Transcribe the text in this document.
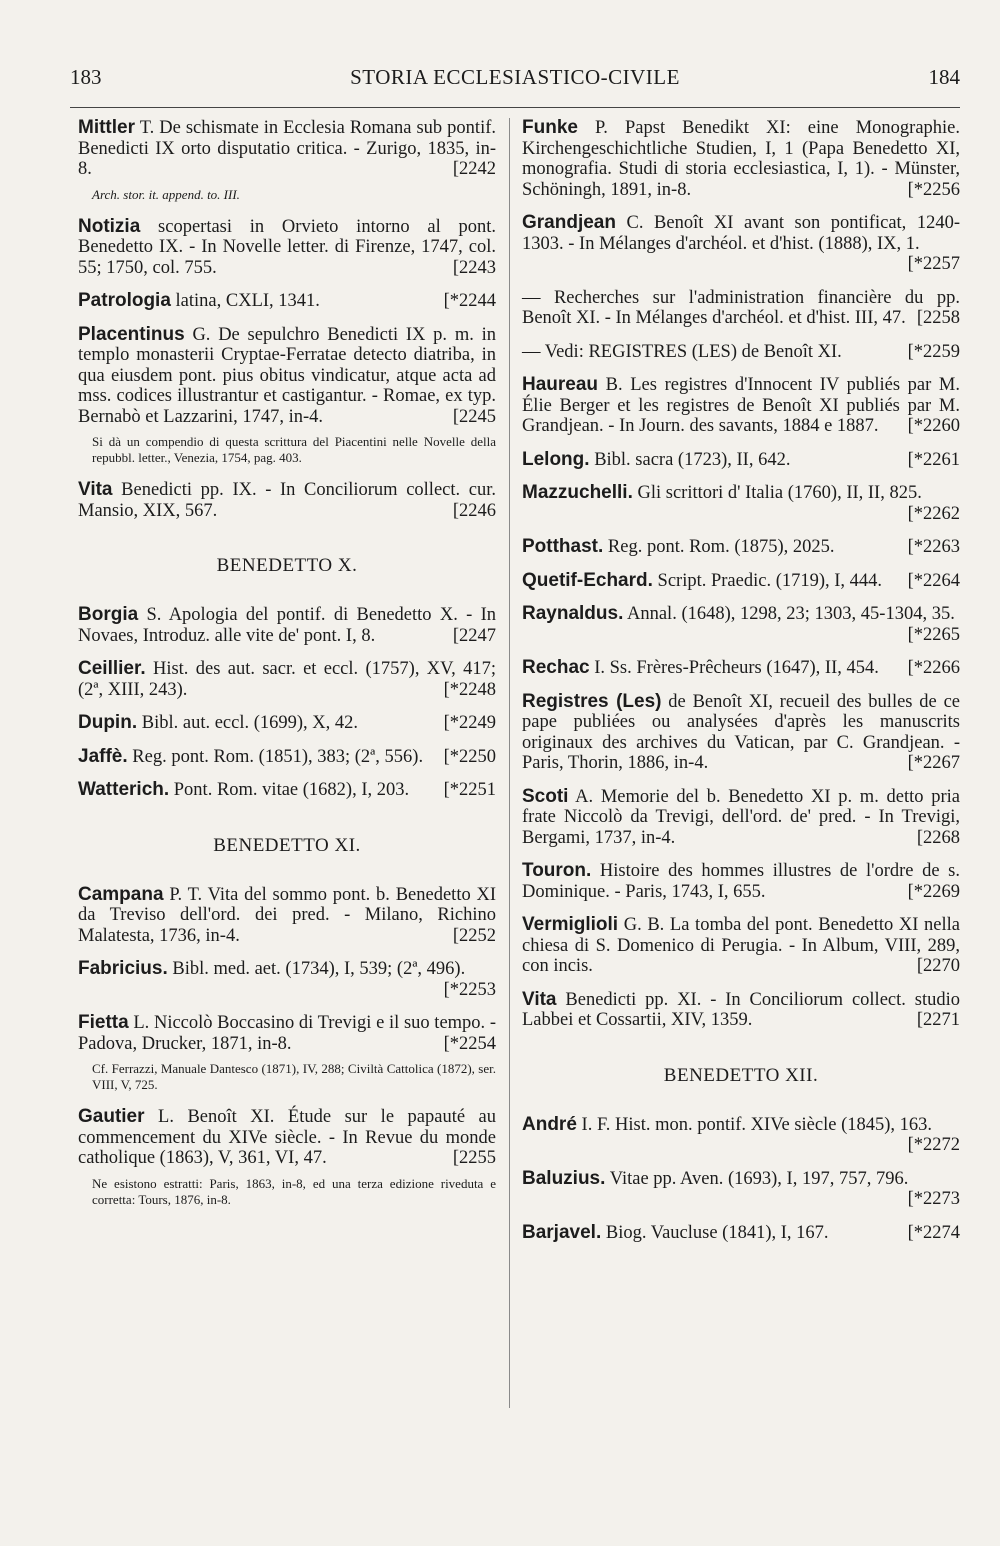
183	STORIA ECCLESIASTICO-CIVILE	184
Mittler T. De schismate in Ecclesia Romana sub pontif. Benedicti IX orto disputatio critica. - Zurigo, 1835, in-8.	[2242
Arch. stor. it. append. to. III.
Notizia scopertasi in Orvieto intorno al pont. Benedetto IX. - In Novelle letter. di Firenze, 1747, col. 55; 1750, col. 755.	[2243
Patrologia latina, CXLI, 1341.	[*2244
Placentinus G. De sepulchro Benedicti IX p. m. in templo monasterii Cryptae-Ferratae detecto diatriba, in qua eiusdem pont. pius obitus vindicatur, atque acta ad mss. codices illustrantur et castigantur. - Romae, ex typ. Bernabò et Lazzarini, 1747, in-4.	[2245
Si dà un compendio di questa scrittura del Piacentini nelle Novelle della repubbl. letter., Venezia, 1754, pag. 403.
Vita Benedicti pp. IX. - In Conciliorum collect. cur. Mansio, XIX, 567.	[2246
BENEDETTO X.
Borgia S. Apologia del pontif. di Benedetto X. - In Novaes, Introduz. alle vite de' pont. I, 8.	[2247
Ceillier. Hist. des aut. sacr. et eccl. (1757), XV, 417; (2ª, XIII, 243).	[*2248
Dupin. Bibl. aut. eccl. (1699), X, 42.	[*2249
Jaffè. Reg. pont. Rom. (1851), 383; (2ª, 556). [*2250
Watterich. Pont. Rom. vitae (1682), I, 203. [*2251
BENEDETTO XI.
Campana P. T. Vita del sommo pont. b. Benedetto XI da Treviso dell'ord. dei pred. - Milano, Richino Malatesta, 1736, in-4.	[2252
Fabricius. Bibl. med. aet. (1734), I, 539; (2ª, 496).
[*2253
Fietta L. Niccolò Boccasino di Trevigi e il suo tempo. - Padova, Drucker, 1871, in-8.	[*2254
Cf. Ferrazzi, Manuale Dantesco (1871), IV, 288; Civiltà Cattolica (1872), ser. VIII, V, 725.
Gautier L. Benoît XI. Étude sur le papauté au commencement du XIVe siècle. - In Revue du monde catholique (1863), V, 361, VI, 47.	[2255
Ne esistono estratti: Paris, 1863, in-8, ed una terza edizione riveduta e corretta: Tours, 1876, in-8.
Funke P. Papst Benedikt XI: eine Monographie. Kirchengeschichtliche Studien, I, 1 (Papa Benedetto XI, monografia. Studi di storia ecclesiastica, I, 1). - Münster, Schöningh, 1891, in-8.	[*2256
Grandjean C. Benoît XI avant son pontificat, 1240-1303. - In Mélanges d'archéol. et d'hist. (1888), IX, 1.
[*2257
— Recherches sur l'administration financière du pp. Benoît XI. - In Mélanges d'archéol. et d'hist. III, 47. [2258
— Vedi: REGISTRES (LES) de Benoît XI.	[*2259
Haureau B. Les registres d'Innocent IV publiés par M. Élie Berger et les registres de Benoît XI publiés par M. Grandjean. - In Journ. des savants, 1884 e 1887. [*2260
Lelong. Bibl. sacra (1723), II, 642.	[*2261
Mazzuchelli. Gli scrittori d' Italia (1760), II, II, 825.
[*2262
Potthast. Reg. pont. Rom. (1875), 2025.	[*2263
Quetif-Echard. Script. Praedic. (1719), I, 444. [*2264
Raynaldus. Annal. (1648), 1298, 23; 1303, 45-1304, 35.
[*2265
Rechac I. Ss. Frères-Prêcheurs (1647), II, 454. [*2266
Registres (Les) de Benoît XI, recueil des bulles de ce pape publiées ou analysées d'après les manuscrits originaux des archives du Vatican, par C. Grandjean. - Paris, Thorin, 1886, in-4.	[*2267
Scoti A. Memorie del b. Benedetto XI p. m. detto pria frate Niccolò da Trevigi, dell'ord. de' pred. - In Trevigi, Bergami, 1737, in-4.	[2268
Touron. Histoire des hommes illustres de l'ordre de s. Dominique. - Paris, 1743, I, 655.	[*2269
Vermiglioli G. B. La tomba del pont. Benedetto XI nella chiesa di S. Domenico di Perugia. - In Album, VIII, 289, con incis.	[2270
Vita Benedicti pp. XI. - In Conciliorum collect. studio Labbei et Cossartii, XIV, 1359.	[2271
BENEDETTO XII.
André I. F. Hist. mon. pontif. XIVe siècle (1845), 163.
[*2272
Baluzius. Vitae pp. Aven. (1693), I, 197, 757, 796.
[*2273
Barjavel. Biog. Vaucluse (1841), I, 167.	[*2274
